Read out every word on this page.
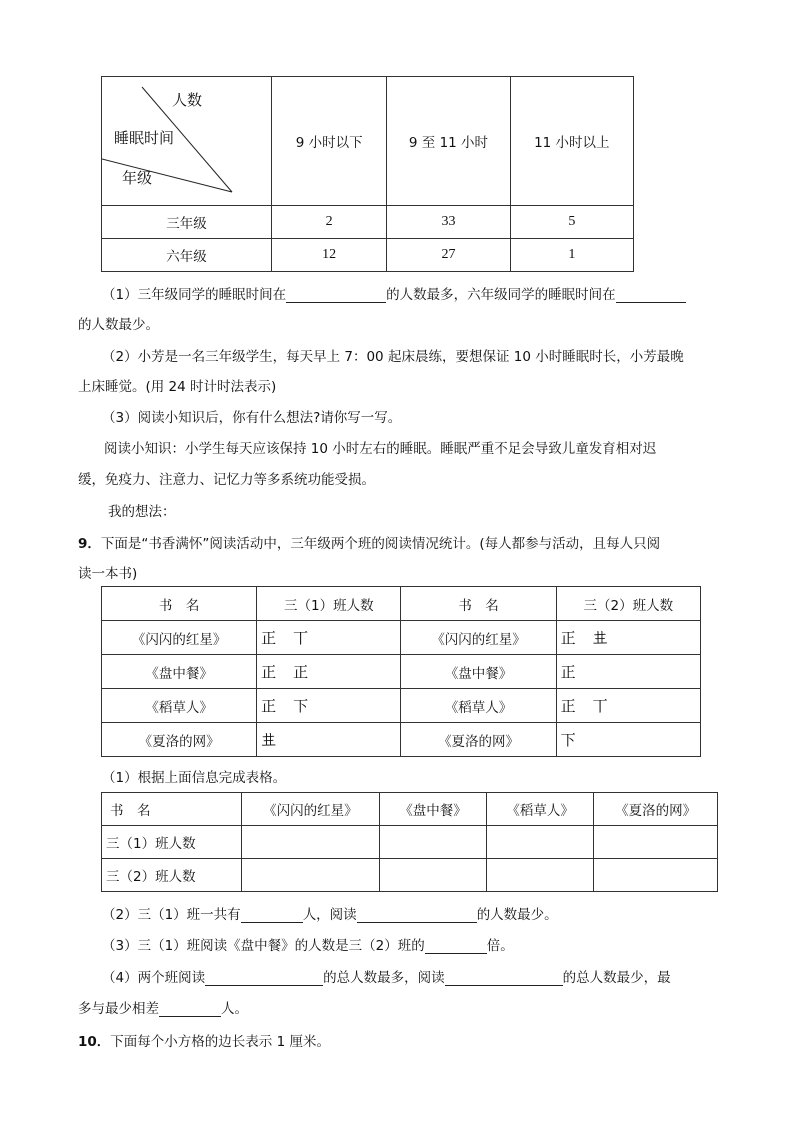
人数
睡眠时间
年级	9 小时以下	9 至 11 小时	11 小时以上
三年级	2	33	5
六年级	12	27	1
（1）三年级同学的睡眠时间在	的人数最多，六年级同学的睡眠时间在
的人数最少。
（2）小芳是一名三年级学生，每天早上 7：00 起床晨练，要想保证 10 小时睡眠时长，小芳最晚
上床睡觉。(用 24 时计时法表示)
（3）阅读小知识后，你有什么想法?请你写一写。
阅读小知识：小学生每天应该保持 10 小时左右的睡眠。睡眠严重不足会导致儿童发育相对迟
缓，免疫力、注意力、记忆力等多系统功能受损。
我的想法：
9．下面是“书香满怀”阅读活动中，三年级两个班的阅读情况统计。(每人都参与活动，且每人只阅
读一本书)
书　名	三（1）班人数	书　名	三（2）班人数
《闪闪的红星》	正　丅	《闪闪的红星》	正　𠀎
《盘中餐》	正　正	《盘中餐》	正
《稻草人》	正　下	《稻草人》	正　丅
《夏洛的网》	𠀎	《夏洛的网》	下
（1）根据上面信息完成表格。
书　名	《闪闪的红星》	《盘中餐》	《稻草人》	《夏洛的网》
三（1）班人数				
三（2）班人数				
（2）三（1）班一共有	人，阅读	的人数最少。
（3）三（1）班阅读《盘中餐》的人数是三（2）班的	倍。
（4）两个班阅读	的总人数最多，阅读	的总人数最少，最
多与最少相差	人。
10．下面每个小方格的边长表示 1 厘米。
